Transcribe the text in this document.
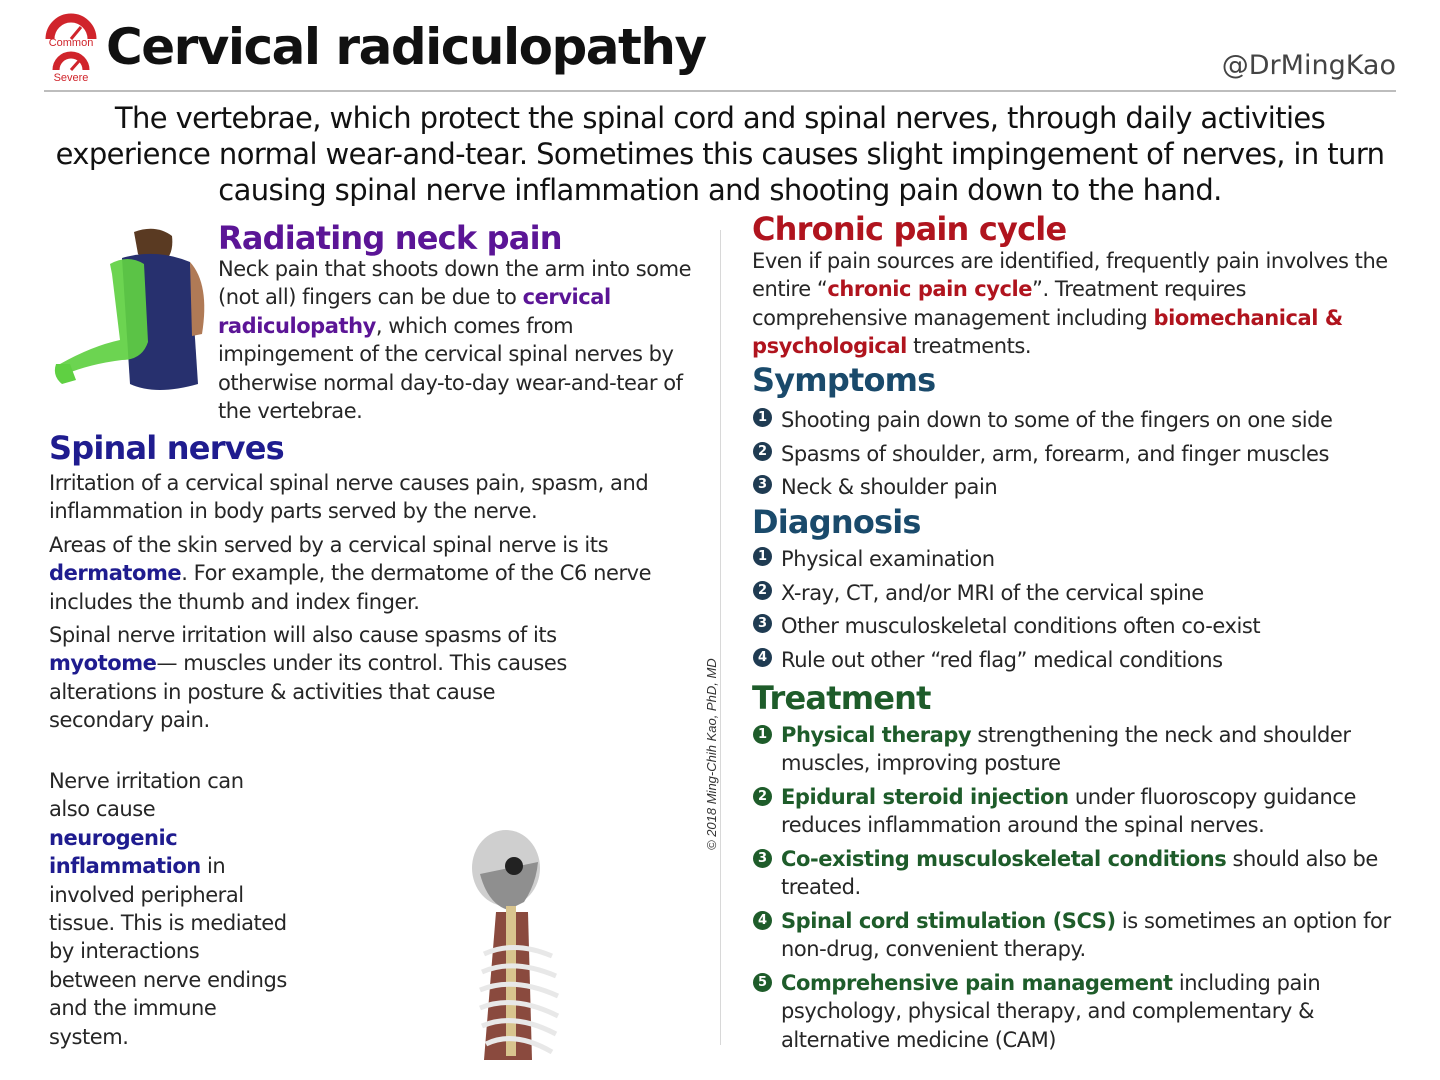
Common
Severe
Cervical radiculopathy	@DrMingKao
The vertebrae, which protect the spinal cord and spinal nerves, through daily activities experience normal wear-and-tear. Sometimes this causes slight impingement of nerves, in turn causing spinal nerve inflammation and shooting pain down to the hand.
Radiating neck pain

Neck pain that shoots down the arm into some (not all) fingers can be due to cervical radiculopathy, which comes from impingement of the cervical spinal nerves by otherwise normal day-to-day wear-and-tear of the vertebrae.

Spinal nerves

Irritation of a cervical spinal nerve causes pain, spasm, and inflammation in body parts served by the nerve.

Areas of the skin served by a cervical spinal nerve is its dermatome. For example, the dermatome of the C6 nerve includes the thumb and index finger.

Spinal nerve irritation will also cause spasms of its myotome— muscles under its control. This causes alterations in posture & activities that cause secondary pain.

Nerve irritation can also cause neurogenic inflammation in involved peripheral tissue. This is mediated by interactions between nerve endings and the immune system.

© 2018 Ming-Chih Kao, PhD, MD
Chronic pain cycle

Even if pain sources are identified, frequently pain involves the entire “chronic pain cycle”. Treatment requires comprehensive management including biomechanical & psychological treatments.

Symptoms
1 Shooting pain down to some of the fingers on one side
2 Spasms of shoulder, arm, forearm, and finger muscles
3 Neck & shoulder pain
Diagnosis
1 Physical examination
2 X-ray, CT, and/or MRI of the cervical spine
3 Other musculoskeletal conditions often co-exist
4 Rule out other “red flag” medical conditions
Treatment
1 Physical therapy strengthening the neck and shoulder muscles, improving posture
2 Epidural steroid injection under fluoroscopy guidance reduces inflammation around the spinal nerves.
3 Co-existing musculoskeletal conditions should also be treated.
4 Spinal cord stimulation (SCS) is sometimes an option for non-drug, convenient therapy.
5 Comprehensive pain management including pain psychology, physical therapy, and complementary & alternative medicine (CAM)
